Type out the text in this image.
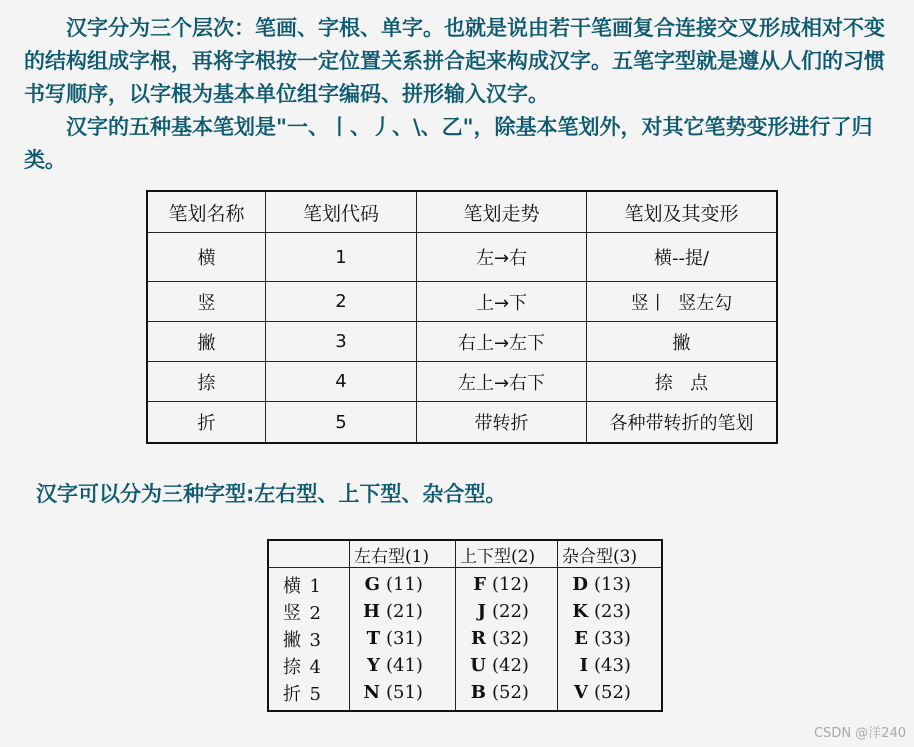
汉字分为三个层次：笔画、字根、单字。也就是说由若干笔画复合连接交叉形成相对不变的结构组成字根，再将字根按一定位置关系拼合起来构成汉字。五笔字型就是遵从人们的习惯书写顺序，以字根为基本单位组字编码、拼形输入汉字。

汉字的五种基本笔划是"一、丨、丿、\、乙"，除基本笔划外，对其它笔势变形进行了归类。

笔划名称	笔划代码	笔划走势	笔划及其变形
横	1	左→右	横--提/
竖	2	上→下	竖丨  竖左勾
撇	3	右上→左下	撇
捺	4	左上→右下	捺   点
折	5	带转折	各种带转折的笔划
汉字可以分为三种字型:左右型、上下型、杂合型。
	左右型(1)	上下型(2)	杂合型(3)
横 1	G (11)	F (12)	D (13)
竖 2	H (21)	J (22)	K (23)
撇 3	T (31)	R (32)	E (33)
捺 4	Y (41)	U (42)	I (43)
折 5	N (51)	B (52)	V (52)
CSDN @洋240
